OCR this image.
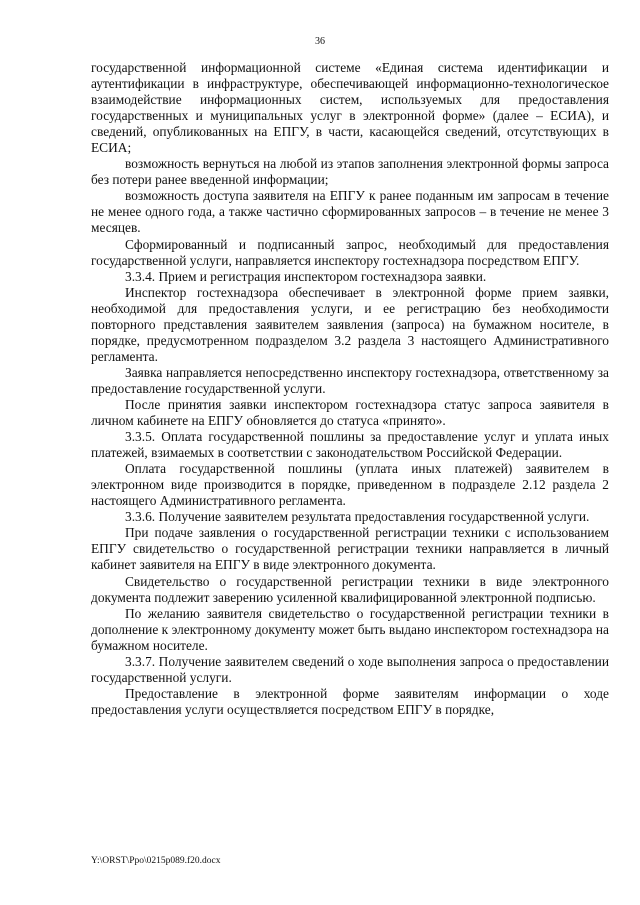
36

государственной информационной системе «Единая система идентификации и аутентификации в инфраструктуре, обеспечивающей информационно-технологическое взаимодействие информационных систем, используемых для предоставления государственных и муниципальных услуг в электронной форме» (далее – ЕСИА), и сведений, опубликованных на ЕПГУ, в части, касающейся сведений, отсутствующих в ЕСИА;

возможность вернуться на любой из этапов заполнения электронной формы запроса без потери ранее введенной информации;

возможность доступа заявителя на ЕПГУ к ранее поданным им запросам в течение не менее одного года, а также частично сформированных запросов – в течение не менее 3 месяцев.

Сформированный и подписанный запрос, необходимый для предоставления государственной услуги, направляется инспектору гостехнадзора посредством ЕПГУ.

3.3.4. Прием и регистрация инспектором гостехнадзора заявки.

Инспектор гостехнадзора обеспечивает в электронной форме прием заявки, необходимой для предоставления услуги, и ее регистрацию без необходимости повторного представления заявителем заявления (запроса) на бумажном носителе, в порядке, предусмотренном подразделом 3.2 раздела 3 настоящего Административного регламента.

Заявка направляется непосредственно инспектору гостехнадзора, ответственному за предоставление государственной услуги.

После принятия заявки инспектором гостехнадзора статус запроса заявителя в личном кабинете на ЕПГУ обновляется до статуса «принято».

3.3.5. Оплата государственной пошлины за предоставление услуг и уплата иных платежей, взимаемых в соответствии с законодательством Российской Федерации.

Оплата государственной пошлины (уплата иных платежей) заявителем в электронном виде производится в порядке, приведенном в подразделе 2.12 раздела 2 настоящего Административного регламента.

3.3.6. Получение заявителем результата предоставления государственной услуги.

При подаче заявления о государственной регистрации техники с использованием ЕПГУ свидетельство о государственной регистрации техники направляется в личный кабинет заявителя на ЕПГУ в виде электронного документа.

Свидетельство о государственной регистрации техники в виде электронного документа подлежит заверению усиленной квалифицированной электронной подписью.

По желанию заявителя свидетельство о государственной регистрации техники в дополнение к электронному документу может быть выдано инспектором гостехнадзора на бумажном носителе.

3.3.7. Получение заявителем сведений о ходе выполнения запроса о предоставлении государственной услуги.

Предоставление в электронной форме заявителям информации о ходе предоставления услуги осуществляется посредством ЕПГУ в порядке,

Y:\ORST\Ppo\0215p089.f20.docx
